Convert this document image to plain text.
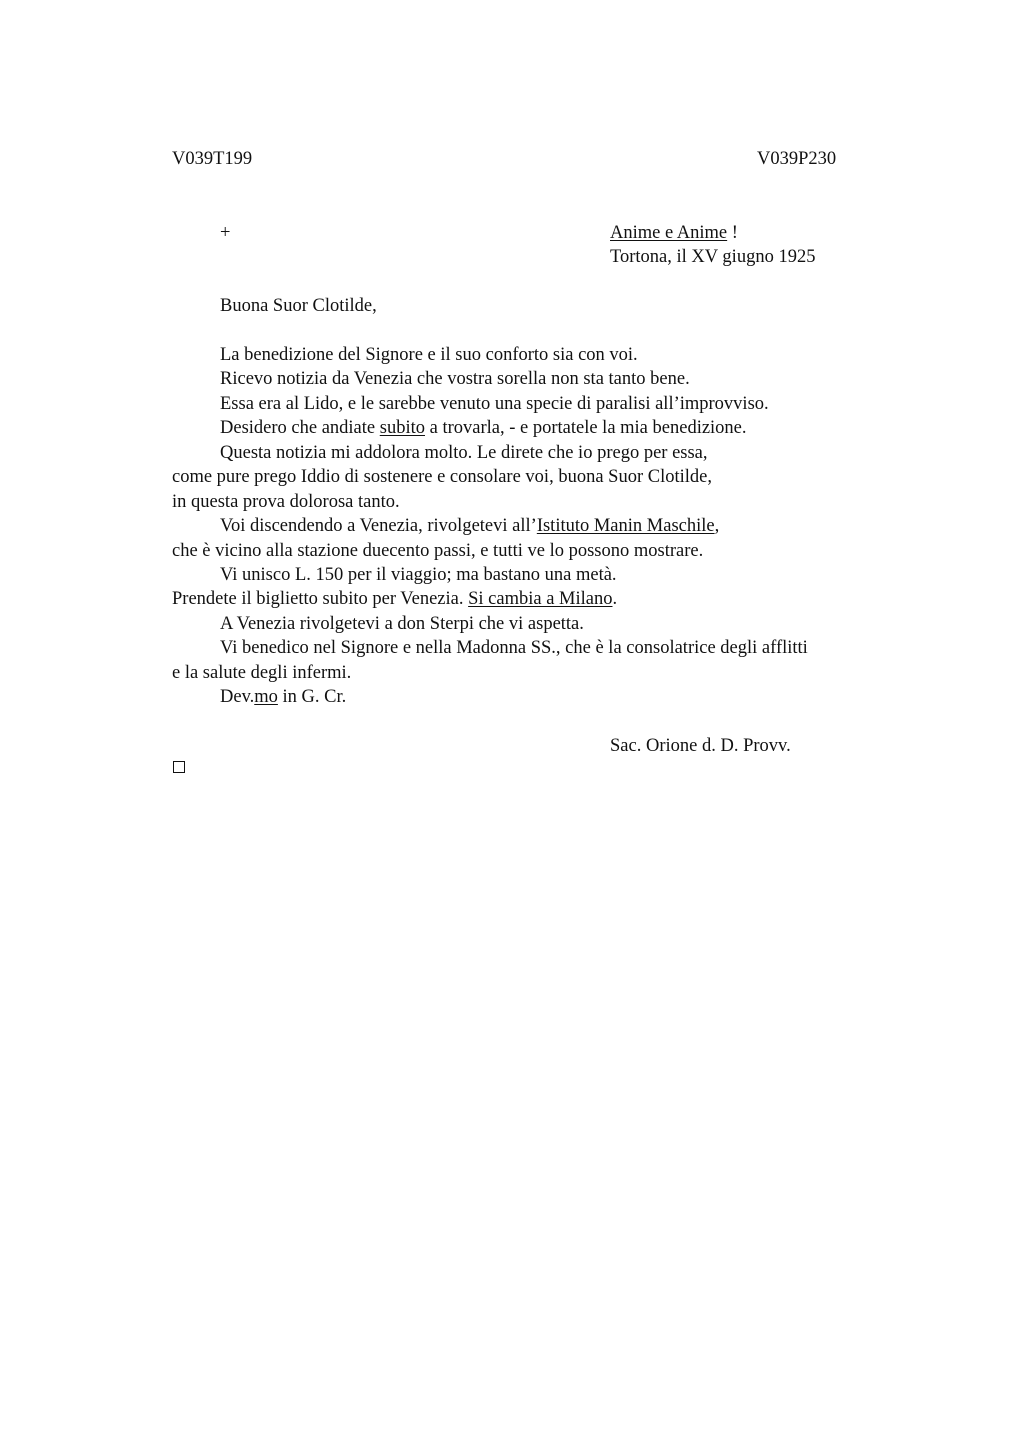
V039T199	V039P230
+	Anime e Anime !
Tortona, il XV giugno 1925
Buona Suor Clotilde,
La benedizione del Signore e il suo conforto sia con voi.
Ricevo notizia da Venezia che vostra sorella non sta tanto bene.
Essa era al Lido, e le sarebbe venuto una specie di paralisi all’improvviso.
Desidero che andiate subito a trovarla, - e portatele la mia benedizione.
Questa notizia mi addolora molto. Le direte che io prego per essa,
come pure prego Iddio di sostenere e consolare voi, buona Suor Clotilde,
in questa prova dolorosa tanto.
Voi discendendo a Venezia, rivolgetevi all’Istituto Manin Maschile,
che è vicino alla stazione duecento passi, e tutti ve lo possono mostrare.
Vi unisco L. 150 per il viaggio; ma bastano una metà.
Prendete il biglietto subito per Venezia. Si cambia a Milano.
A Venezia rivolgetevi a don Sterpi che vi aspetta.
Vi benedico nel Signore e nella Madonna SS., che è la consolatrice degli afflitti
e la salute degli infermi.
Dev.mo in G. Cr.
Sac. Orione d. D. Provv.
